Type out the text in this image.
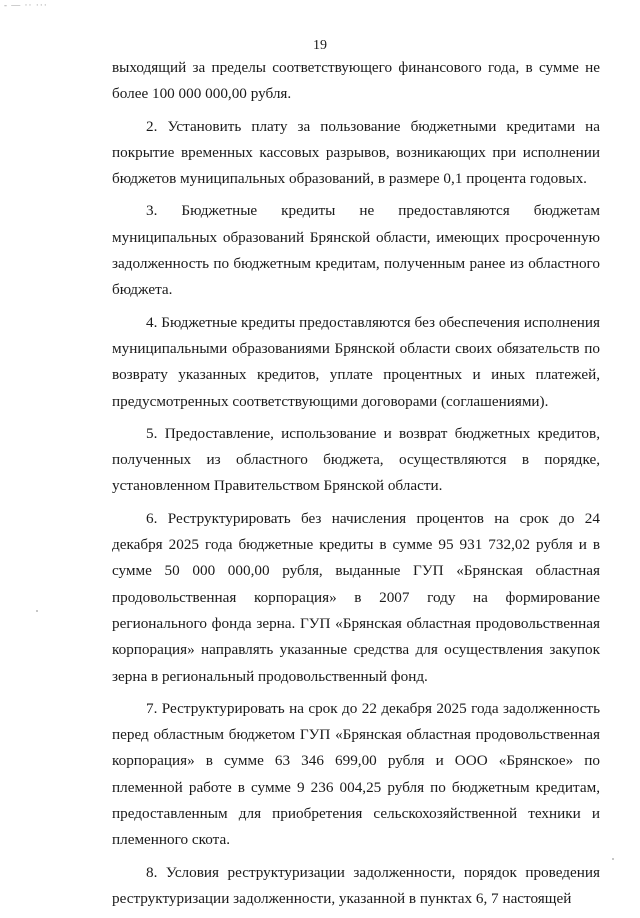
- — ·· ···
19

выходящий за пределы соответствующего финансового года, в сумме не более 100 000 000,00 рубля.

2. Установить плату за пользование бюджетными кредитами на покрытие временных кассовых разрывов, возникающих при исполнении бюджетов муниципальных образований, в размере 0,1 процента годовых.

3. Бюджетные кредиты не предоставляются бюджетам муниципальных образований Брянской области, имеющих просроченную задолженность по бюджетным кредитам, полученным ранее из областного бюджета.

4. Бюджетные кредиты предоставляются без обеспечения исполнения муниципальными образованиями Брянской области своих обязательств по возврату указанных кредитов, уплате процентных и иных платежей, предусмотренных соответствующими договорами (соглашениями).

5. Предоставление, использование и возврат бюджетных кредитов, полученных из областного бюджета, осуществляются в порядке, установленном Правительством Брянской области.

6. Реструктурировать без начисления процентов на срок до 24 декабря 2025 года бюджетные кредиты в сумме 95 931 732,02 рубля и в сумме 50 000 000,00 рубля, выданные ГУП «Брянская областная продовольственная корпорация» в 2007 году на формирование регионального фонда зерна. ГУП «Брянская областная продовольственная корпорация» направлять указанные средства для осуществления закупок зерна в региональный продовольственный фонд.

7. Реструктурировать на срок до 22 декабря 2025 года задолженность перед областным бюджетом ГУП «Брянская областная продовольственная корпорация» в сумме 63 346 699,00 рубля и ООО «Брянское» по племенной работе в сумме 9 236 004,25 рубля по бюджетным кредитам, предоставленным для приобретения сельскохозяйственной техники и племенного скота.

8. Условия реструктуризации задолженности, порядок проведения реструктуризации задолженности, указанной в пунктах 6, 7 настоящей
